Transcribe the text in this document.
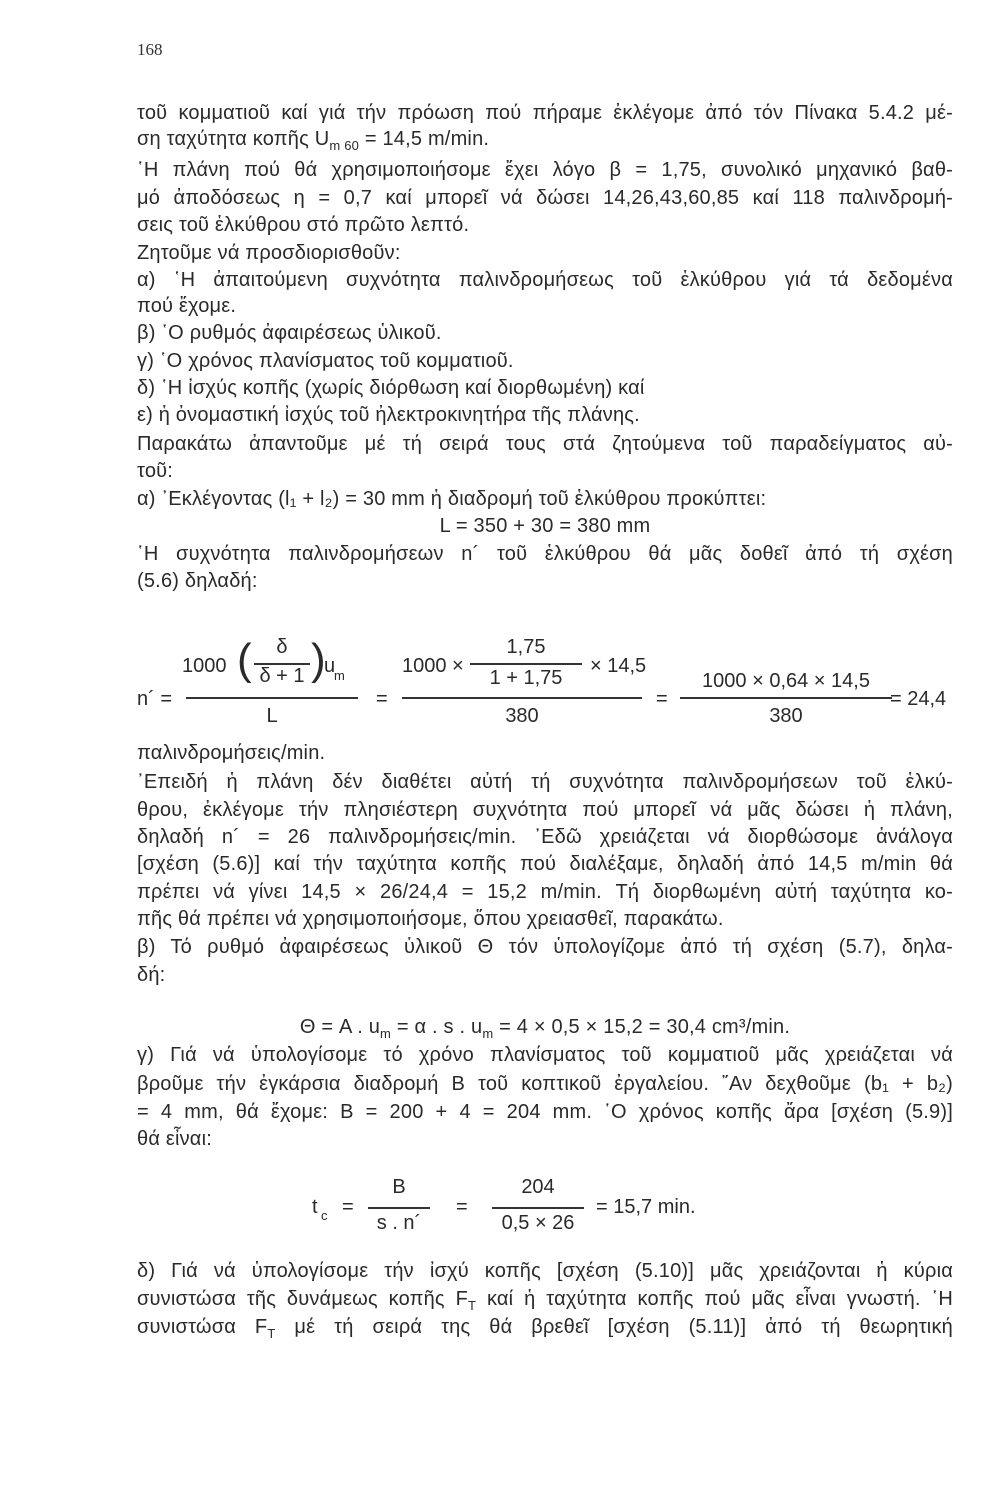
168
τοῦ κομματιοῦ καί γιά τήν πρόωση πού πήραμε ἐκλέγομε ἀπό τόν Πίνακα 5.4.2 μέ-
ση ταχύτητα κοπῆς $U_{m 60} = 14,5$ m/min.
῾Η πλάνη πού θά χρησιμοποιήσομε ἔχει λόγο β = 1,75, συνολικό μηχανικό βαθ-
μό ἀποδόσεως η = 0,7 καί μπορεῖ νά δώσει 14,26,43,60,85 καί 118 παλινδρομή-
σεις τοῦ ἑλκύθρου στό πρῶτο λεπτό.
Ζητοῦμε νά προσδιορισθοῦν:
α) ῾Η ἀπαιτούμενη συχνότητα παλινδρομήσεως τοῦ ἑλκύθρου γιά τά δεδομένα
πού ἔχομε.
β) ῾Ο ρυθμός ἀφαιρέσεως ὑλικοῦ.
γ) ῾Ο χρόνος πλανίσματος τοῦ κομματιοῦ.
δ) ῾Η ἰσχύς κοπῆς (χωρίς διόρθωση καί διορθωμένη) καί
ε) ἡ ὀνομαστική ἰσχύς τοῦ ἠλεκτροκινητήρα τῆς πλάνης.
Παρακάτω ἀπαντοῦμε μέ τή σειρά τους στά ζητούμενα τοῦ παραδείγματος αὐ-
τοῦ:
α) ᾿Εκλέγοντας (l₁ + l₂) = 30 mm ἡ διαδρομή τοῦ ἑλκύθρου προκύπτει:
L = 350 + 30 = 380 mm
῾Η συχνότητα παλινδρομήσεων n´ τοῦ ἑλκύθρου θά μᾶς δοθεῖ ἀπό τή σχέση
(5.6) δηλαδή:
n´ =
1000 (	δ
δ + 1 )
u
m
L
=
1000 ×
1,75
1 + 1,75
× 14,5
380
=
1000 × 0,64 × 14,5
380
= 24,4
παλινδρομήσεις/min.
᾿Επειδή ἡ πλάνη δέν διαθέτει αὐτή τή συχνότητα παλινδρομήσεων τοῦ ἑλκύ-
θρου, ἐκλέγομε τήν πλησιέστερη συχνότητα πού μπορεῖ νά μᾶς δώσει ἡ πλάνη,
δηλαδή n´ = 26 παλινδρομήσεις/min. ᾿Εδῶ χρειάζεται νά διορθώσομε ἀνάλογα
[σχέση (5.6)] καί τήν ταχύτητα κοπῆς πού διαλέξαμε, δηλαδή ἀπό 14,5 m/min θά
πρέπει νά γίνει 14,5 × 26/24,4 = 15,2 m/min. Τή διορθωμένη αὐτή ταχύτητα κο-
πῆς θά πρέπει νά χρησιμοποιήσομε, ὅπου χρειασθεῖ, παρακάτω.
β) Τό ρυθμό ἀφαιρέσεως ὑλικοῦ Θ τόν ὑπολογίζομε ἀπό τή σχέση (5.7), δηλα-
δή:
Θ = A . $u_m = \alpha$ . s . $u_m = 4 \times 0,5 \times 15,2 = 30,4$ cm³/min.
γ) Γιά νά ὑπολογίσομε τό χρόνο πλανίσματος τοῦ κομματιοῦ μᾶς χρειάζεται νά
βροῦμε τήν ἐγκάρσια διαδρομή Β τοῦ κοπτικοῦ ἐργαλείου. ῎Αν δεχθοῦμε (b₁ + b₂)
= 4 mm, θά ἔχομε: Β = 200 + 4 = 204 mm. ῾Ο χρόνος κοπῆς ἄρα [σχέση (5.9)]
θά εἶναι:
t c =
B
s . n´
=
204
0,5 × 26
= 15,7 min.
δ) Γιά νά ὑπολογίσομε τήν ἰσχύ κοπῆς [σχέση (5.10)] μᾶς χρειάζονται ἡ κύρια
συνιστώσα τῆς δυνάμεως κοπῆς $F_T$ καί ἡ ταχύτητα κοπῆς πού μᾶς εἶναι γνωστή. ῾Η
συνιστώσα $F_T$ μέ τή σειρά της θά βρεθεῖ [σχέση (5.11)] ἀπό τή θεωρητική
